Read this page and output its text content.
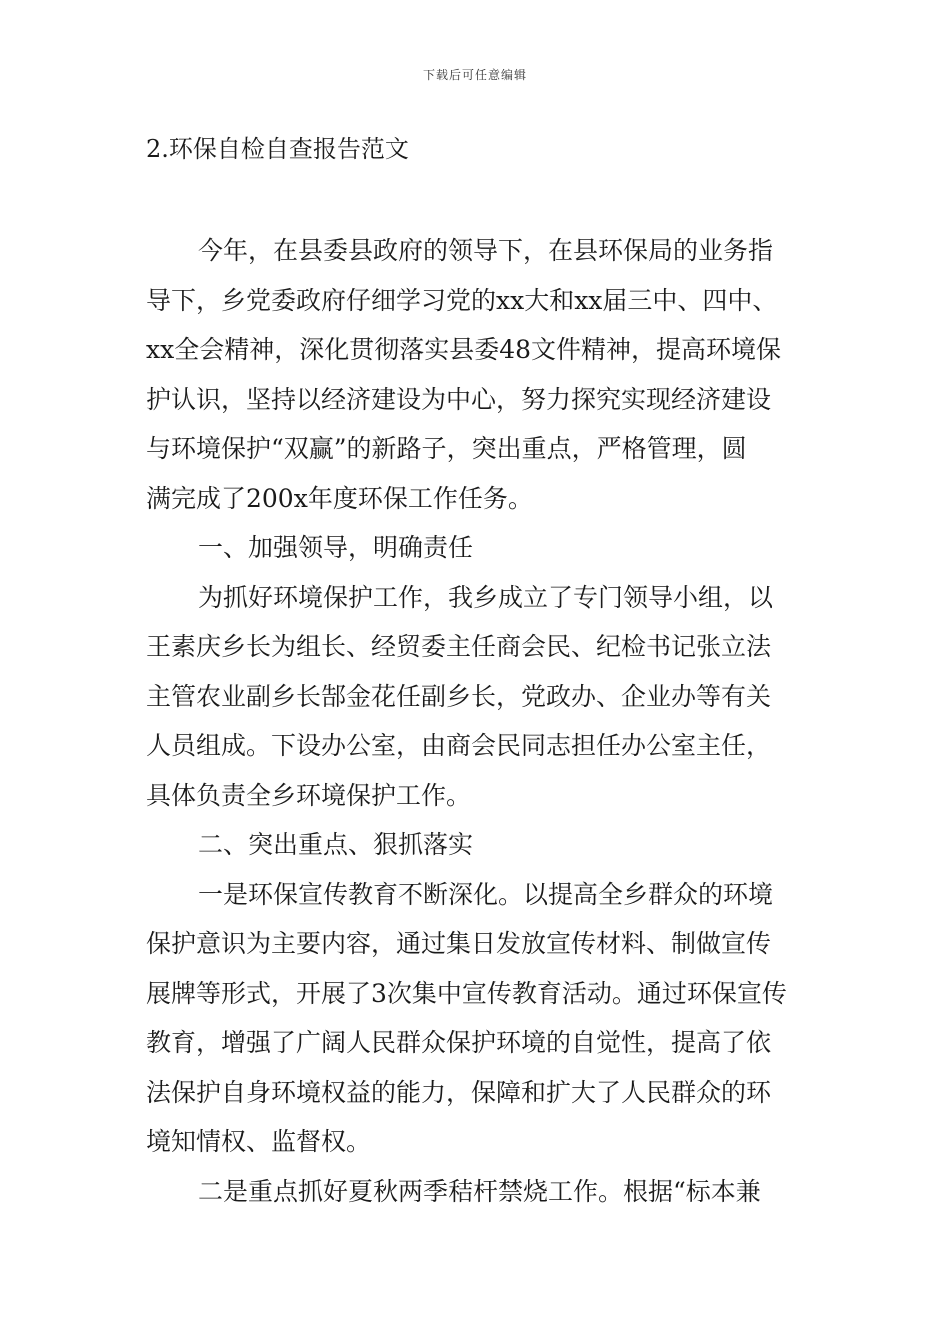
下载后可任意编辑
2.环保自检自查报告范文
今年，在县委县政府的领导下，在县环保局的业务指
导下，乡党委政府仔细学习党的xx大和xx届三中、四中、
xx全会精神，深化贯彻落实县委48文件精神，提高环境保
护认识，坚持以经济建设为中心，努力探究实现经济建设
与环境保护“双赢”的新路子，突出重点，严格管理，圆
满完成了200x年度环保工作任务。
一、加强领导，明确责任
为抓好环境保护工作，我乡成立了专门领导小组，以
王素庆乡长为组长、经贸委主任商会民、纪检书记张立法
主管农业副乡长郜金花任副乡长，党政办、企业办等有关
人员组成。下设办公室，由商会民同志担任办公室主任，
具体负责全乡环境保护工作。
二、突出重点、狠抓落实
一是环保宣传教育不断深化。以提高全乡群众的环境
保护意识为主要内容，通过集日发放宣传材料、制做宣传
展牌等形式，开展了3次集中宣传教育活动。通过环保宣传
教育，增强了广阔人民群众保护环境的自觉性，提高了依
法保护自身环境权益的能力，保障和扩大了人民群众的环
境知情权、监督权。
二是重点抓好夏秋两季秸杆禁烧工作。根据“标本兼
